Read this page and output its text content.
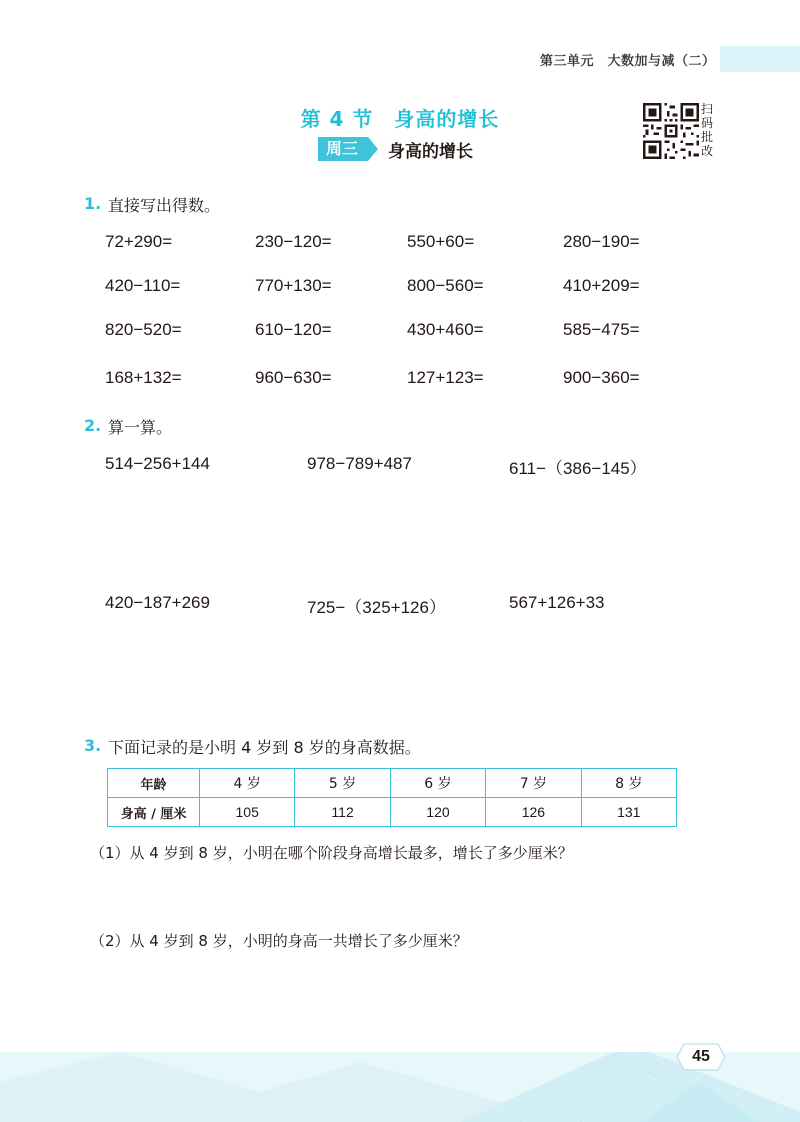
第三单元　大数加与减（二）
第 4 节　身高的增长
周三	身高的增长
扫码批改
1. 直接写出得数。
72+290=	230−120=	550+60=	280−190=
420−110=	770+130=	800−560=	410+209=
820−520=	610−120=	430+460=	585−475=
168+132=	960−630=	127+123=	900−360=
2. 算一算。
514−256+144	978−789+487	611−（386−145）
420−187+269	725−（325+126）	567+126+33
3. 下面记录的是小明 4 岁到 8 岁的身高数据。
年龄	4 岁	5 岁	6 岁	7 岁	8 岁
身高 / 厘米	105	112	120	126	131
（1）从 4 岁到 8 岁，小明在哪个阶段身高增长最多，增长了多少厘米？
（2）从 4 岁到 8 岁，小明的身高一共增长了多少厘米？
45
